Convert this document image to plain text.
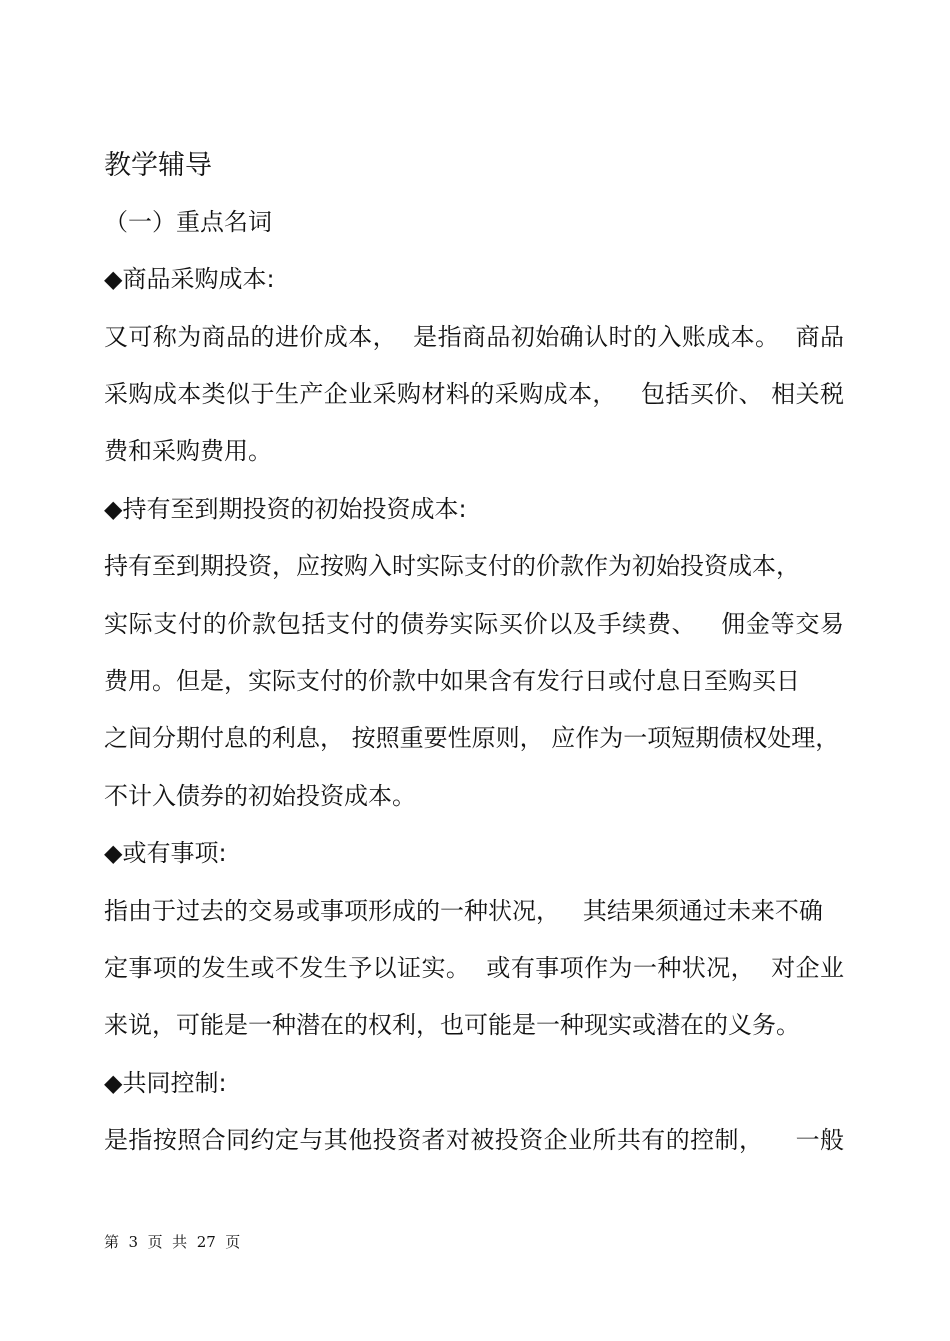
教学辅导
（一）重点名词
◆商品采购成本:
又可称为商品的进价成本，  是指商品初始确认时的入账成本。  商品
采购成本类似于生产企业采购材料的采购成本，   包括买价、 相关税
费和采购费用。
◆持有至到期投资的初始投资成本:
持有至到期投资，应按购入时实际支付的价款作为初始投资成本，
实际支付的价款包括支付的债券实际买价以及手续费、   佣金等交易
费用。但是，实际支付的价款中如果含有发行日或付息日至购买日
之间分期付息的利息， 按照重要性原则， 应作为一项短期债权处理，
不计入债券的初始投资成本。
◆或有事项:
指由于过去的交易或事项形成的一种状况，   其结果须通过未来不确
定事项的发生或不发生予以证实。  或有事项作为一种状况，  对企业
来说，可能是一种潜在的权利，也可能是一种现实或潜在的义务。
◆共同控制:
是指按照合同约定与其他投资者对被投资企业所共有的控制，    一般
第  3  页  共  27  页
